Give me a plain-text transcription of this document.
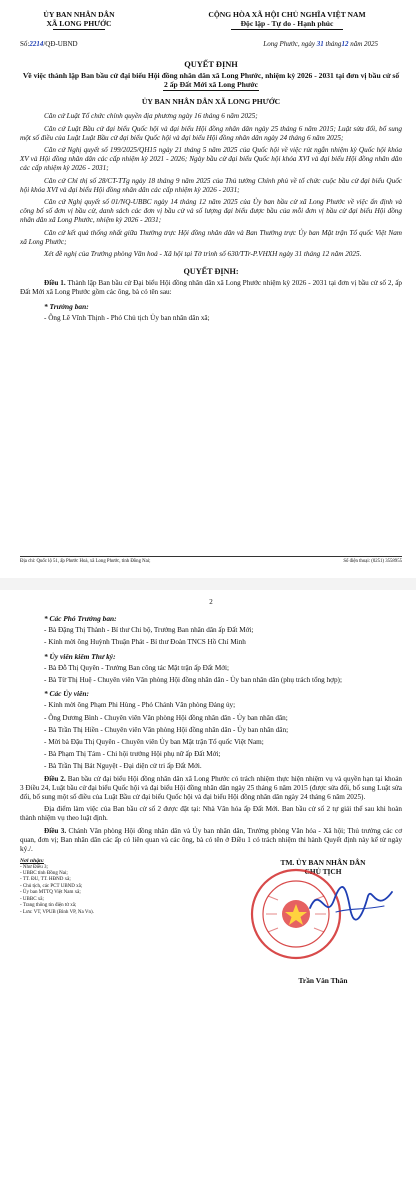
ỦY BAN NHÂN DÂN
XÃ LONG PHƯỚC
CỘNG HÒA XÃ HỘI CHỦ NGHĨA VIỆT NAM
Độc lập - Tự do - Hạnh phúc
Số:2214/QĐ-UBND	Long Phước, ngày 31 tháng12 năm 2025
QUYẾT ĐỊNH
Về việc thành lập Ban bầu cử đại biểu Hội đồng nhân dân xã Long Phước, nhiệm kỳ 2026 - 2031 tại đơn vị bầu cử số 2 ấp Đất Mới xã Long Phước
ỦY BAN NHÂN DÂN XÃ LONG PHƯỚC

Căn cứ Luật Tổ chức chính quyền địa phương ngày 16 tháng 6 năm 2025;

Căn cứ Luật Bầu cử đại biểu Quốc hội và đại biểu Hội đồng nhân dân ngày 25 tháng 6 năm 2015; Luật sửa đổi, bổ sung một số điều của Luật Luật Bầu cử đại biểu Quốc hội và đại biểu Hội đồng nhân dân ngày 24 tháng 6 năm 2025;

Căn cứ Nghị quyết số 199/2025/QH15 ngày 21 tháng 5 năm 2025 của Quốc hội về việc rút ngắn nhiệm kỳ Quốc hội khóa XV và Hội đồng nhân dân các cấp nhiệm kỳ 2021 - 2026; Ngày bầu cử đại biểu Quốc hội khóa XVI và đại biểu Hội đồng nhân dân các cấp nhiệm kỳ 2026 - 2031;

Căn cứ Chỉ thị số 28/CT-TTg ngày 18 tháng 9 năm 2025 của Thủ tướng Chính phủ về tổ chức cuộc bầu cử đại biểu Quốc hội khóa XVI và đại biểu Hội đồng nhân dân các cấp nhiệm kỳ 2026 - 2031;

Căn cứ Nghị quyết số 01/NQ-UBBC ngày 14 tháng 12 năm 2025 của Ủy ban bầu cử xã Long Phước về việc ấn định và công bố số đơn vị bầu cử, danh sách các đơn vị bầu cử và số lượng đại biểu được bầu của mỗi đơn vị bầu cử đại biểu Hội đồng nhân dân xã Long Phước, nhiệm kỳ 2026 - 2031;

Căn cứ kết quả thống nhất giữa Thường trực Hội đồng nhân dân và Ban Thường trực Ủy ban Mặt trận Tổ quốc Việt Nam xã Long Phước;

Xét đề nghị của Trưởng phòng Văn hoá - Xã hội tại Tờ trình số 630/TTr-P.VHXH ngày 31 tháng 12 năm 2025.

QUYẾT ĐỊNH:

Điều 1. Thành lập Ban bầu cử Đại biểu Hội đồng nhân dân xã Long Phước nhiệm kỳ 2026 - 2031 tại đơn vị bầu cử số 2, ấp Đất Mới xã Long Phước gồm các ông, bà có tên sau:

* Trưởng ban:

- Ông Lê Vĩnh Thịnh - Phó Chủ tịch Ủy ban nhân dân xã;

Địa chỉ: Quốc lộ 51, ấp Phước Hoà, xã Long Phước, tỉnh Đồng Nai;	Số điện thoại: (0251) 3558955
2
* Các Phó Trưởng ban:

- Bà Đặng Thị Thành - Bí thư Chi bộ, Trưởng Ban nhân dân ấp Đất Mới;

- Kính mời ông Huỳnh Thuận Phát - Bí thư Đoàn TNCS Hồ Chí Minh

* Ủy viên kiêm Thư ký:

- Bà Đỗ Thị Quyên - Trưởng Ban công tác Mặt trận ấp Đất Mới;

- Bà Từ Thị Huệ - Chuyên viên Văn phòng Hội đồng nhân dân - Ủy ban nhân dân (phụ trách tổng hợp);

* Các Ủy viên:

- Kính mời ông Phạm Phi Hùng - Phó Chánh Văn phòng Đảng ủy;

- Ông Dương Bình - Chuyên viên Văn phòng Hội đồng nhân dân - Ủy ban nhân dân;

- Bà Trần Thị Hiền - Chuyên viên Văn phòng Hội đồng nhân dân - Ủy ban nhân dân;

- Mời bà Đậu Thị Quyên - Chuyên viên Ủy ban Mặt trận Tổ quốc Việt Nam;

- Bà Phạm Thị Tám - Chi hội trưởng Hội phụ nữ ấp Đất Mới;

- Bà Trần Thị Bát Nguyệt - Đại diện cử tri ấp Đất Mới.

Điều 2. Ban bầu cử đại biểu Hội đồng nhân dân xã Long Phước có trách nhiệm thực hiện nhiệm vụ và quyền hạn tại khoản 3 Điều 24, Luật bầu cử đại biểu Quốc hội và đại biểu Hội đồng nhân dân ngày 25 tháng 6 năm 2015 (được sửa đổi, bổ sung Luật sửa đổi, bổ sung một số điều của Luật Bầu cử đại biểu Quốc hội và đại biểu Hội đồng nhân dân ngày 24 tháng 6 năm 2025).

Địa điểm làm việc của Ban bầu cử số 2 được đặt tại: Nhà Văn hóa ấp Đất Mới. Ban bầu cử số 2 tự giải thể sau khi hoàn thành nhiệm vụ theo luật định.

Điều 3. Chánh Văn phòng Hội đồng nhân dân và Ủy ban nhân dân, Trưởng phòng Văn hóa - Xã hội; Thủ trưởng các cơ quan, đơn vị; Ban nhân dân các ấp có liên quan và các ông, bà có tên ở Điều 1 có trách nhiệm thi hành Quyết định này kể từ ngày ký./.

Nơi nhận:
- Như Điều 3;
- UBBC tỉnh Đồng Nai;
- TT. ĐU, TT. HĐND xã;
- Chủ tịch, các PCT UBND xã;
- Ủy ban MTTQ Việt Nam xã;
- UBBC xã;
- Trang thông tin điện tử xã;
- Lưu: VT, VPUB (Bình VP, Na Vn).
TM. ỦY BAN NHÂN DÂN
CHỦ TỊCH
Trần Văn Thân
